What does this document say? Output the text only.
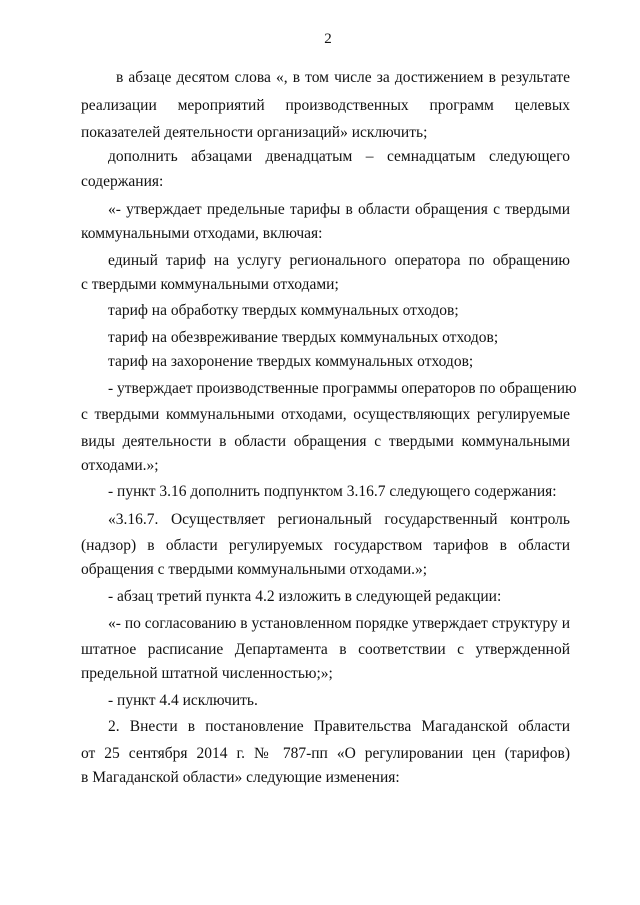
2
в абзаце десятом слова «, в том числе за достижением в результате
реализации мероприятий производственных программ целевых
показателей деятельности организаций» исключить;
дополнить абзацами двенадцатым – семнадцатым следующего
содержания:
«- утверждает предельные тарифы в области обращения с твердыми
коммунальными отходами, включая:
единый тариф на услугу регионального оператора по обращению
с твердыми коммунальными отходами;
тариф на обработку твердых коммунальных отходов;
тариф на обезвреживание твердых коммунальных отходов;
тариф на захоронение твердых коммунальных отходов;
- утверждает производственные программы операторов по обращению
с твердыми коммунальными отходами, осуществляющих регулируемые
виды деятельности в области обращения с твердыми коммунальными
отходами.»;
- пункт 3.16 дополнить подпунктом 3.16.7 следующего содержания:
«3.16.7. Осуществляет региональный государственный контроль
(надзор) в области регулируемых государством тарифов в области
обращения с твердыми коммунальными отходами.»;
- абзац третий пункта 4.2 изложить в следующей редакции:
«- по согласованию в установленном порядке утверждает структуру и
штатное расписание Департамента в соответствии с утвержденной
предельной штатной численностью;»;
- пункт 4.4 исключить.
2. Внести в постановление Правительства Магаданской области
от 25 сентября 2014 г. № 787-пп «О регулировании цен (тарифов)
в Магаданской области» следующие изменения:
